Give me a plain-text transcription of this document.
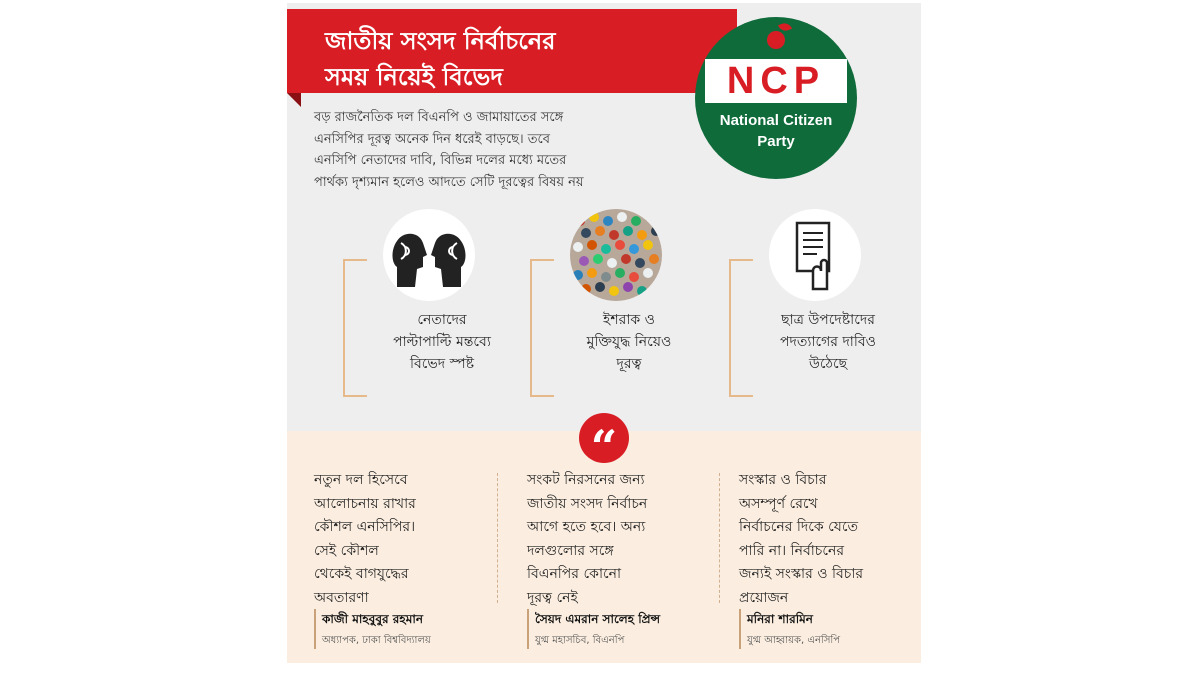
জাতীয় সংসদ নির্বাচনের
সময় নিয়েই বিভেদ	NCP
National Citizen
Party
বড় রাজনৈতিক দল বিএনপি ও জামায়াতের সঙ্গে
এনসিপির দূরত্ব অনেক দিন ধরেই বাড়ছে। তবে
এনসিপি নেতাদের দাবি, বিভিন্ন দলের মধ্যে মতের
পার্থক্য দৃশ্যমান হলেও আদতে সেটি দূরত্বের বিষয় নয়
নেতাদের
পাল্টাপাল্টি মন্তব্যে
বিভেদ স্পষ্ট
ইশরাক ও
মুক্তিযুদ্ধ নিয়েও
দূরত্ব
ছাত্র উপদেষ্টাদের
পদত্যাগের দাবিও
উঠেছে
“
নতুন দল হিসেবে
আলোচনায় রাখার
কৌশল এনসিপির।
সেই কৌশল
থেকেই বাগযুদ্ধের
অবতারণা
কাজী মাহবুবুর রহমান
অধ্যাপক, ঢাকা বিশ্ববিদ্যালয়
সংকট নিরসনের জন্য
জাতীয় সংসদ নির্বাচন
আগে হতে হবে। অন্য
দলগুলোর সঙ্গে
বিএনপির কোনো
দূরত্ব নেই
সৈয়দ এমরান সালেহ প্রিন্স
যুগ্ম মহাসচিব, বিএনপি
সংস্কার ও বিচার
অসম্পূর্ণ রেখে
নির্বাচনের দিকে যেতে
পারি না। নির্বাচনের
জন্যই সংস্কার ও বিচার
প্রয়োজন
মনিরা শারমিন
যুগ্ম আহ্বায়ক, এনসিপি
